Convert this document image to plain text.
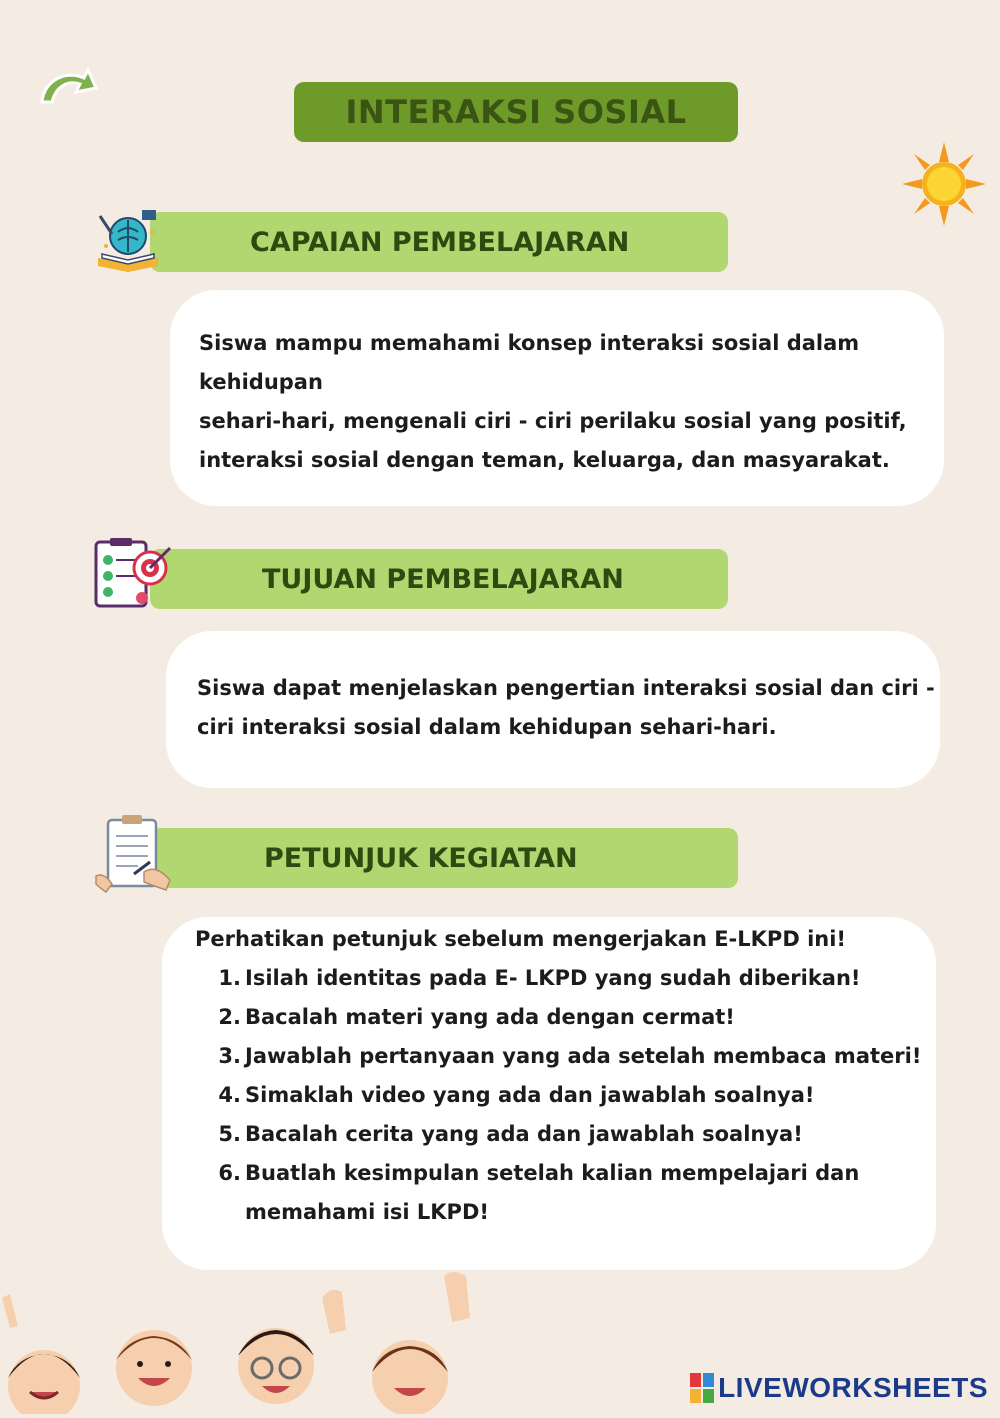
INTERAKSI SOSIAL
CAPAIAN PEMBELAJARAN

Siswa mampu memahami konsep interaksi sosial dalam kehidupan

sehari-hari, mengenali ciri - ciri perilaku sosial yang positif,

interaksi sosial dengan teman, keluarga, dan masyarakat.

TUJUAN PEMBELAJARAN

Siswa dapat menjelaskan pengertian interaksi sosial dan ciri -

ciri interaksi sosial dalam kehidupan sehari-hari.

PETUNJUK KEGIATAN

Perhatikan petunjuk sebelum mengerjakan E-LKPD ini!

1. Isilah identitas pada E- LKPD yang sudah diberikan!
2. Bacalah materi yang ada dengan cermat!
3. Jawablah pertanyaan yang ada setelah membaca materi!
4. Simaklah video yang ada dan jawablah soalnya!
5. Bacalah cerita yang ada dan jawablah soalnya!
6. Buatlah kesimpulan setelah kalian mempelajari dan
memahami isi LKPD!
LIVEWORKSHEETS
